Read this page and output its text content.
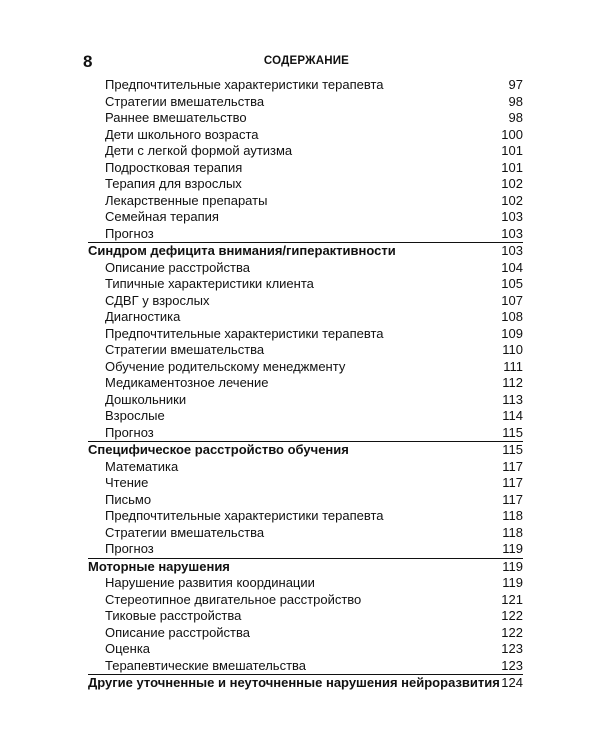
8	СОДЕРЖАНИЕ
Предпочтительные характеристики терапевта	97
Стратегии вмешательства	98
Раннее вмешательство	98
Дети школьного возраста	100
Дети с легкой формой аутизма	101
Подростковая терапия	101
Терапия для взрослых	102
Лекарственные препараты	102
Семейная терапия	103
Прогноз	103
Синдром дефицита внимания/гиперактивности	103
Описание расстройства	104
Типичные характеристики клиента	105
СДВГ у взрослых	107
Диагностика	108
Предпочтительные характеристики терапевта	109
Стратегии вмешательства	110
Обучение родительскому менеджменту	111
Медикаментозное лечение	112
Дошкольники	113
Взрослые	114
Прогноз	115
Специфическое расстройство обучения	115
Математика	117
Чтение	117
Письмо	117
Предпочтительные характеристики терапевта	118
Стратегии вмешательства	118
Прогноз	119
Моторные нарушения	119
Нарушение развития координации	119
Стереотипное двигательное расстройство	121
Тиковые расстройства	122
Описание расстройства	122
Оценка	123
Терапевтические вмешательства	123
Другие уточненные и неуточненные нарушения нейроразвития 124
